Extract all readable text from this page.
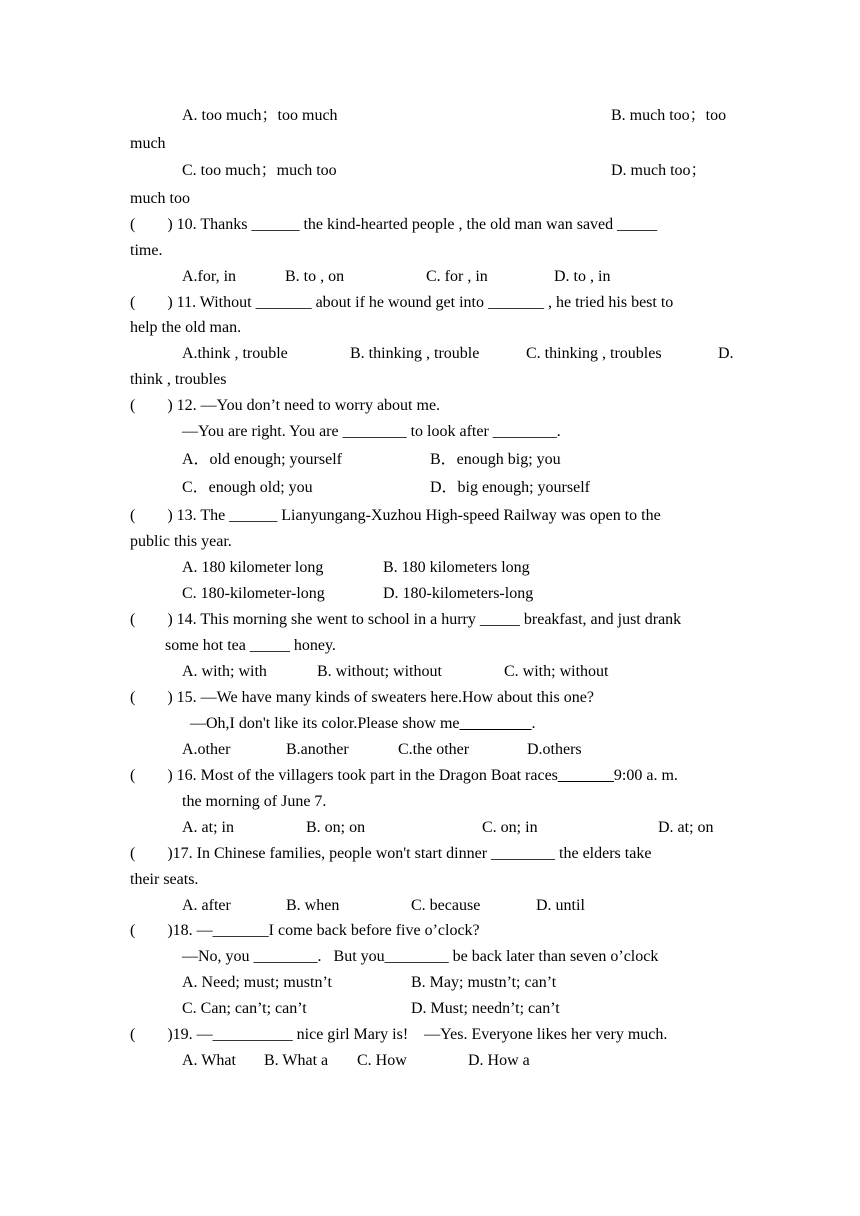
A. too much；too much	B. much too；too
much
C. too much；much too	D. much too；
much too
(        ) 10. Thanks ______ the kind-hearted people , the old man wan saved _____
time.
A.for, in	B. to , on	C. for , in	D. to , in
(        ) 11. Without _______ about if he wound get into _______ , he tried his best to
help the old man.
A.think , trouble	B. thinking , trouble	C. thinking , troubles	D.
think , troubles
(        ) 12. —You don’t need to worry about me.
—You are right. You are ________ to look after ________.
A．old enough; yourself	B．enough big; you
C．enough old; you	D．big enough; yourself
(        ) 13. The ______ Lianyungang-Xuzhou High-speed Railway was open to the
public this year.
A. 180 kilometer long	B. 180 kilometers long
C. 180-kilometer-long	D. 180-kilometers-long
(        ) 14. This morning she went to school in a hurry _____ breakfast, and just drank
some hot tea _____ honey.
A. with; with	B. without; without	C. with; without
(        ) 15. —We have many kinds of sweaters here.How about this one?
—Oh,I don't like its color.Please show me_________.
A.other	B.another	C.the other	D.others
(        ) 16. Most of the villagers took part in the Dragon Boat races_______9:00 a. m.
the morning of June 7.
A. at; in	B. on; on	C. on; in	D. at; on
(        )17. In Chinese families, people won't start dinner ________ the elders take
their seats.
A. after	B. when	C. because	D. until
(        )18. —_______I come back before five o’clock?
—No, you ________.   But you________ be back later than seven o’clock
A. Need; must; mustn’t	B. May; mustn’t; can’t
C. Can; can’t; can’t	D. Must; needn’t; can’t
(        )19. —__________ nice girl Mary is!    —Yes. Everyone likes her very much.
A. What B. What a C. How	D. How a
